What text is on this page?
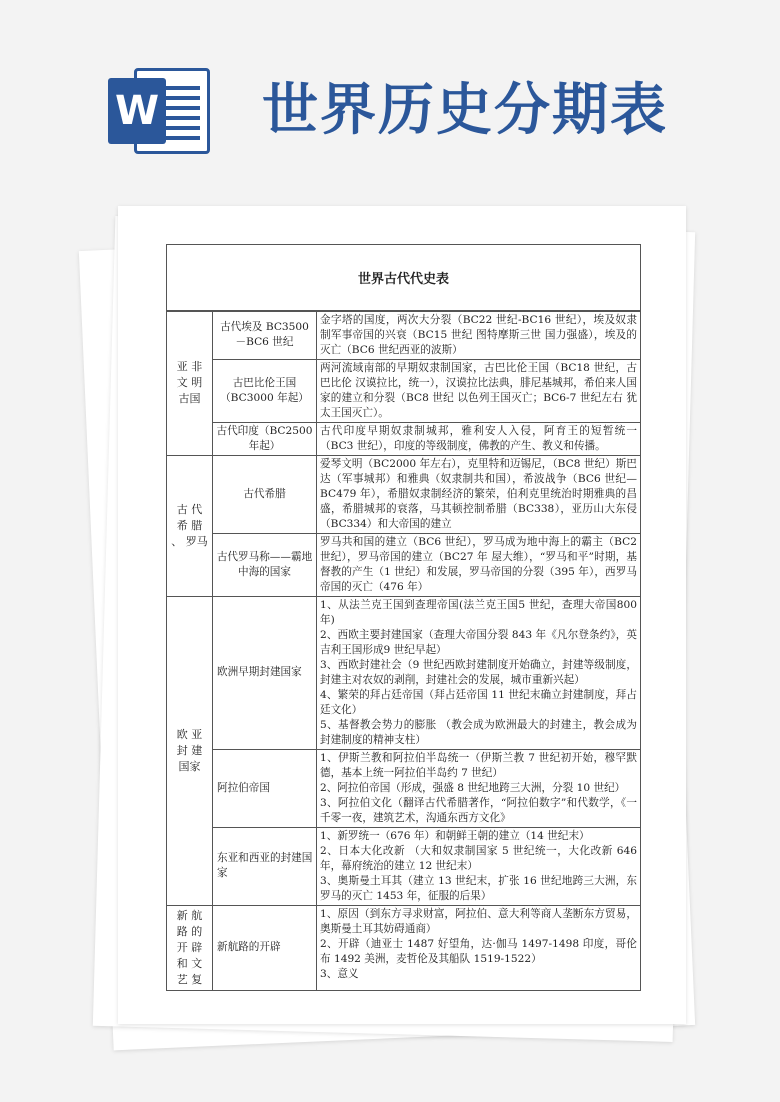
W 世界历史分期表
世界古代代史表		
亚 非 文 明 古国	古代埃及 BC3500－BC6 世纪	金字塔的国度，两次大分裂（BC22 世纪-BC16 世纪），埃及奴隶制军事帝国的兴衰（BC15 世纪 图特摩斯三世 国力强盛），埃及的灭亡（BC6 世纪西亚的波斯）
	古巴比伦王国（BC3000 年起）	两河流域南部的早期奴隶制国家，古巴比伦王国（BC18 世纪，古巴比伦 汉谟拉比，统一），汉谟拉比法典，腓尼基城邦，希伯来人国家的建立和分裂（BC8 世纪 以色列王国灭亡；BC6-7 世纪左右 犹太王国灭亡）。
	古代印度（BC2500 年起）	古代印度早期奴隶制城邦，雅利安人入侵，阿育王的短暂统一（BC3 世纪），印度的等级制度，佛教的产生、教义和传播。
古 代 希 腊 、 罗马	古代希腊	爱琴文明（BC2000 年左右），克里特和迈锡尼，（BC8 世纪）斯巴达（军事城邦）和雅典（奴隶制共和国），希波战争（BC6 世纪—BC479 年），希腊奴隶制经济的繁荣，伯利克里统治时期雅典的昌盛，希腊城邦的衰落，马其顿控制希腊（BC338），亚历山大东侵（BC334）和大帝国的建立
	古代罗马称——霸地中海的国家	罗马共和国的建立（BC6 世纪），罗马成为地中海上的霸主（BC2 世纪），罗马帝国的建立（BC27 年 屋大维），“罗马和平”时期，基督教的产生（1 世纪）和发展，罗马帝国的分裂（395 年），西罗马帝国的灭亡（476 年）
欧 亚 封 建 国家	欧洲早期封建国家	1、从法兰克王国到查理帝国(法兰克王国5 世纪，查理大帝国800 年)
2、西欧主要封建国家（查理大帝国分裂 843 年《凡尔登条约》，英吉利王国形成9 世纪早起）
3、西欧封建社会（9 世纪西欧封建制度开始确立，封建等级制度，封建主对农奴的剥削，封建社会的发展，城市重新兴起）
4、繁荣的拜占廷帝国（拜占廷帝国 11 世纪末确立封建制度，拜占廷文化）
5、基督教会势力的膨胀 （教会成为欧洲最大的封建主，教会成为封建制度的精神支柱）

	阿拉伯帝国	1、伊斯兰教和阿拉伯半岛统一（伊斯兰教 7 世纪初开始，穆罕默德，基本上统一阿拉伯半岛约 7 世纪）
2、阿拉伯帝国（形成，强盛 8 世纪地跨三大洲，分裂 10 世纪）
3、阿拉伯文化（翻译古代希腊著作，“阿拉伯数字”和代数学，《一千零一夜，建筑艺术，沟通东西方文化》

	东亚和西亚的封建国家	1、新罗统一（676 年）和朝鲜王朝的建立（14 世纪末）
2、日本大化改新 （大和奴隶制国家 5 世纪统一，大化改新 646 年，幕府统治的建立 12 世纪末）
3、奥斯曼土耳其（建立 13 世纪末，扩张 16 世纪地跨三大洲，东罗马的灭亡 1453 年，征服的后果）

新 航 路 的 开 辟 和 文 艺 复	新航路的开辟	1、原因（到东方寻求财富，阿拉伯、意大利等商人垄断东方贸易，奥斯曼土耳其妨碍通商）
2、开辟（迪亚士 1487 好望角，达·伽马 1497-1498 印度，哥伦布 1492 美洲，麦哲伦及其船队 1519-1522）
3、意义
